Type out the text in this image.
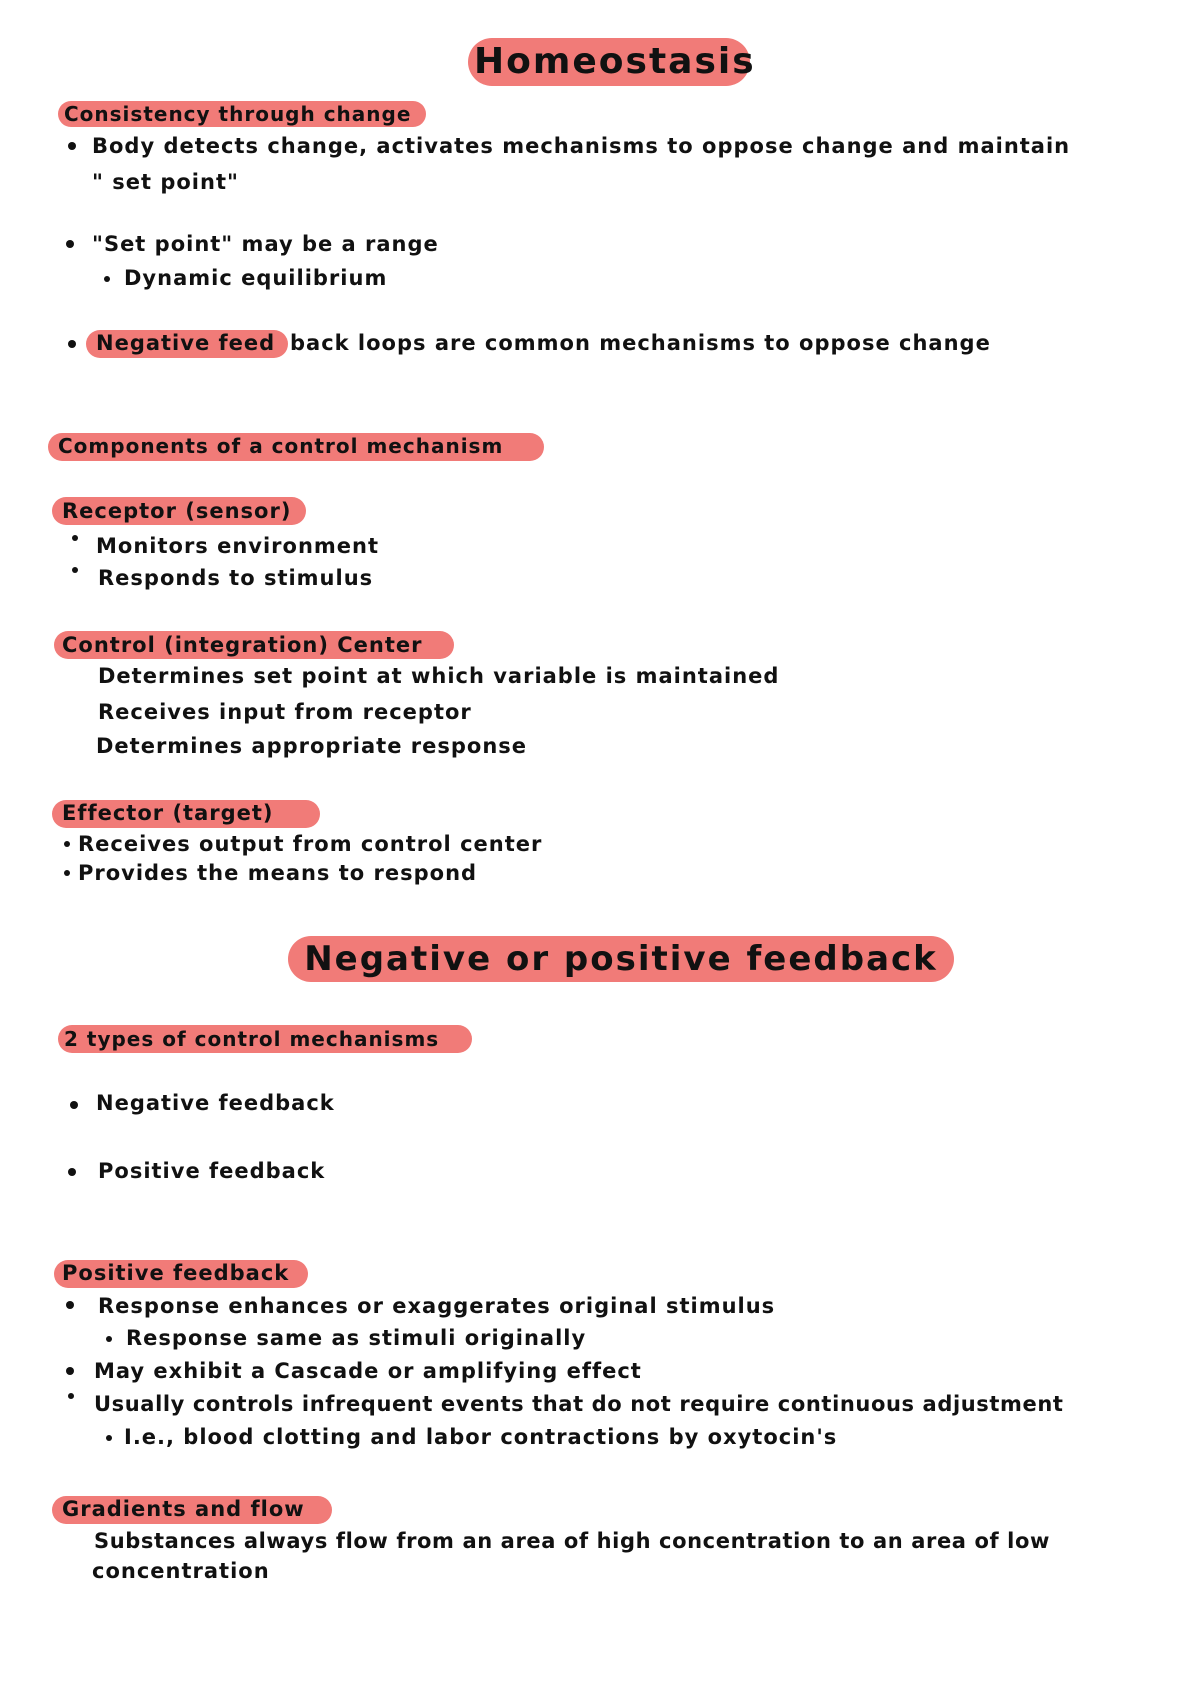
Homeostasis
Consistency through change
Body detects change, activates mechanisms to oppose change and maintain
" set point"
"Set point" may be a range
Dynamic equilibrium
Negative feed back loops are common mechanisms to oppose change
Components of a control mechanism
Receptor (sensor)
Monitors environment
Responds to stimulus
Control (integration) Center
Determines set point at which variable is maintained
Receives input from receptor
Determines appropriate response
Effector (target)
Receives output from control center
Provides the means to respond
Negative or positive feedback
2 types of control mechanisms
Negative feedback
Positive feedback
Positive feedback
Response enhances or exaggerates original stimulus
Response same as stimuli originally
May exhibit a Cascade or amplifying effect
Usually controls infrequent events that do not require continuous adjustment
I.e., blood clotting and labor contractions by oxytocin's
Gradients and flow
Substances always flow from an area of high concentration to an area of low
concentration
